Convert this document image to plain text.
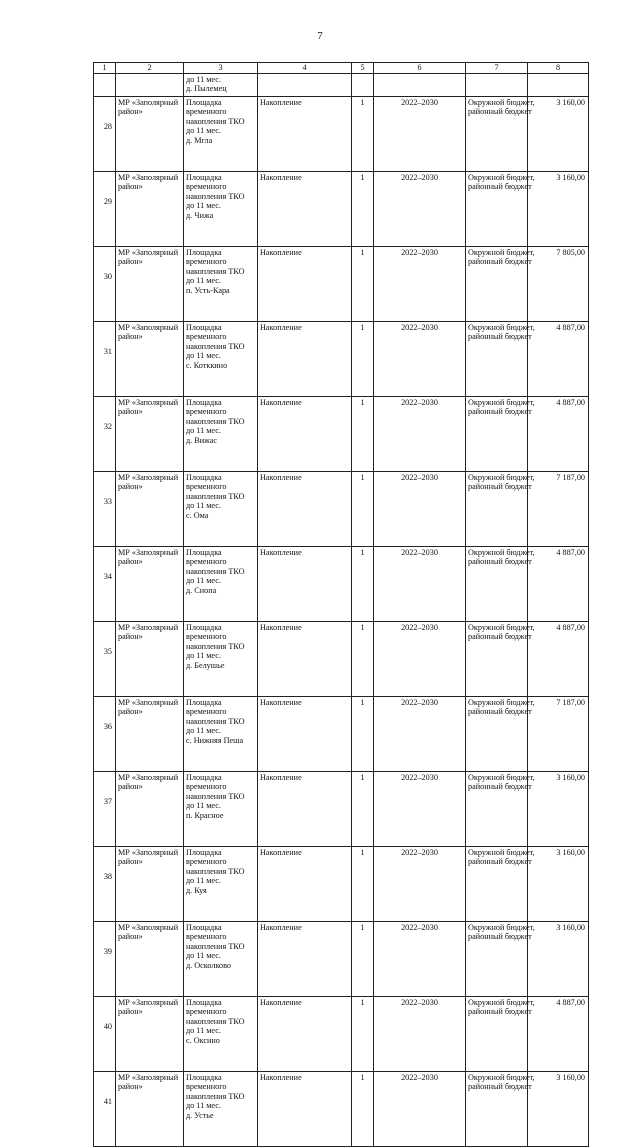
7
1	2	3	4	5	6	7	8

		до 11 мес.
д. Пылемец					

28	МР «Заполярный
район»	Площадка
временного
накопления ТКО
до 11 мес.
д. Мгла	Накопление	1	2022–2030	Окружной бюджет,
районный бюджет	3 160,00
29	МР «Заполярный
район»	Площадка
временного
накопления ТКО
до 11 мес.
д. Чижа	Накопление	1	2022–2030	Окружной бюджет,
районный бюджет	3 160,00
30	МР «Заполярный
район»	Площадка
временного
накопления ТКО
до 11 мес.
п. Усть-Кара	Накопление	1	2022–2030	Окружной бюджет,
районный бюджет	7 805,00
31	МР «Заполярный
район»	Площадка
временного
накопления ТКО
до 11 мес.
с. Котккино	Накопление	1	2022–2030	Окружной бюджет,
районный бюджет	4 887,00
32	МР «Заполярный
район»	Площадка
временного
накопления ТКО
до 11 мес.
д. Вижас	Накопление	1	2022–2030	Окружной бюджет,
районный бюджет	4 887,00
33	МР «Заполярный
район»	Площадка
временного
накопления ТКО
до 11 мес.
с. Ома	Накопление	1	2022–2030	Окружной бюджет,
районный бюджет	7 187,00
34	МР «Заполярный
район»	Площадка
временного
накопления ТКО
до 11 мес.
д. Снопа	Накопление	1	2022–2030	Окружной бюджет,
районный бюджет	4 887,00
35	МР «Заполярный
район»	Площадка
временного
накопления ТКО
до 11 мес.
д. Белушье	Накопление	1	2022–2030	Окружной бюджет,
районный бюджет	4 887,00
36	МР «Заполярный
район»	Площадка
временного
накопления ТКО
до 11 мес.
с. Нижняя Пеша	Накопление	1	2022–2030	Окружной бюджет,
районный бюджет	7 187,00
37	МР «Заполярный
район»	Площадка
временного
накопления ТКО
до 11 мес.
п. Красное	Накопление	1	2022–2030	Окружной бюджет,
районный бюджет	3 160,00
38	МР «Заполярный
район»	Площадка
временного
накопления ТКО
до 11 мес.
д. Куя	Накопление	1	2022–2030	Окружной бюджет,
районный бюджет	3 160,00
39	МР «Заполярный
район»	Площадка
временного
накопления ТКО
до 11 мес.
д. Осколково	Накопление	1	2022–2030	Окружной бюджет,
районный бюджет	3 160,00
40	МР «Заполярный
район»	Площадка
временного
накопления ТКО
до 11 мес.
с. Оксино	Накопление	1	2022–2030	Окружной бюджет,
районный бюджет	4 887,00
41	МР «Заполярный
район»	Площадка
временного
накопления ТКО
до 11 мес.
д. Устье	Накопление	1	2022–2030	Окружной бюджет,
районный бюджет	3 160,00
